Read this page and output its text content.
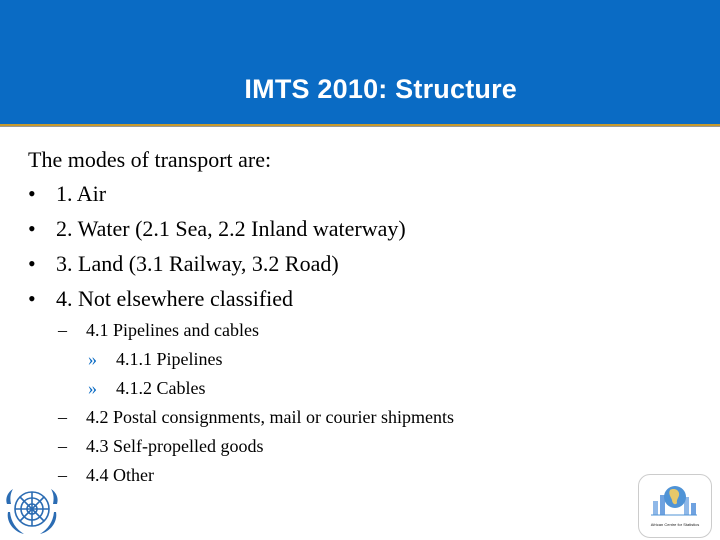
IMTS 2010: Structure
The modes of transport are:
• 1. Air
• 2. Water (2.1 Sea, 2.2 Inland waterway)
• 3. Land (3.1 Railway, 3.2 Road)
• 4. Not elsewhere classified
– 4.1 Pipelines and cables
» 4.1.1 Pipelines
» 4.1.2 Cables
– 4.2 Postal consignments, mail or courier shipments
– 4.3 Self-propelled goods
– 4.4 Other
African Centre for Statistics
